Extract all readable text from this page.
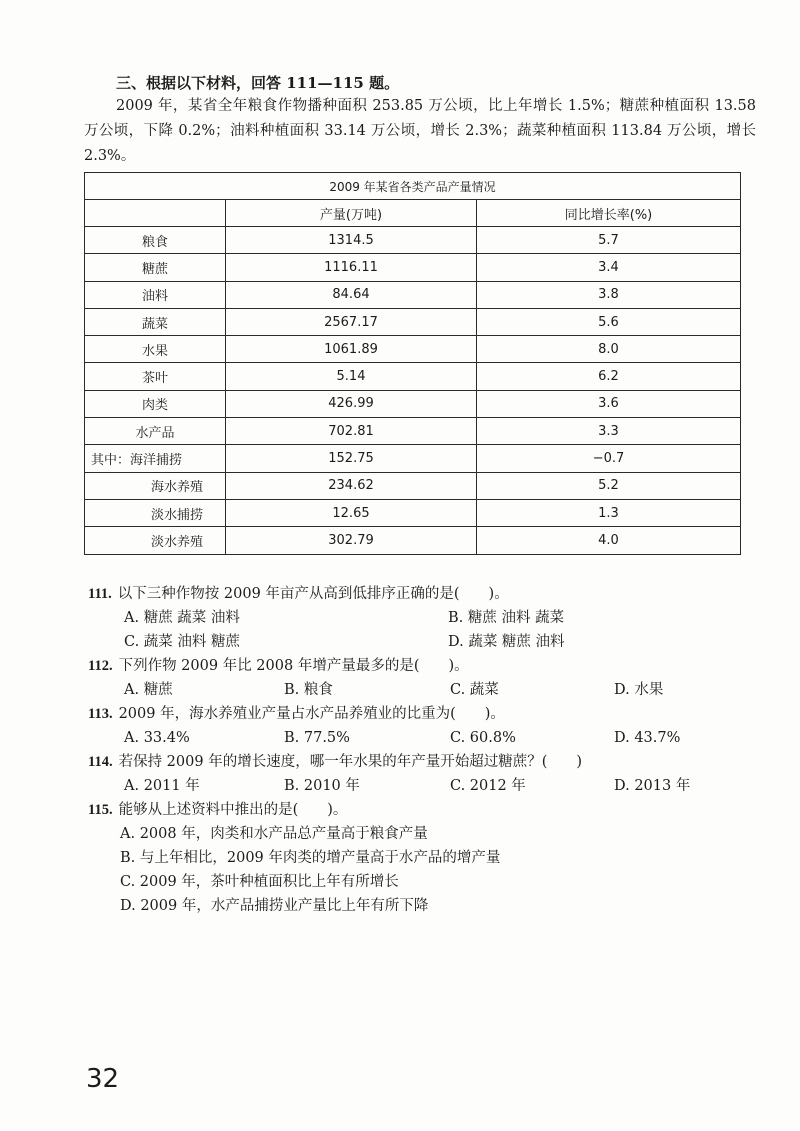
三、根据以下材料，回答 111—115 题。

2009 年，某省全年粮食作物播种面积 253.85 万公顷，比上年增长 1.5%；糖蔗种植面积 13.58 万公顷，下降 0.2%；油料种植面积 33.14 万公顷，增长 2.3%；蔬菜种植面积 113.84 万公顷，增长 2.3%。

2009 年某省各类产品产量情况		
	产量(万吨)	同比增长率(%)
粮食	1314.5	5.7
糖蔗	1116.11	3.4
油料	84.64	3.8
蔬菜	2567.17	5.6
水果	1061.89	8.0
茶叶	5.14	6.2
肉类	426.99	3.6
水产品	702.81	3.3
其中：海洋捕捞	152.75	−0.7
海水养殖	234.62	5.2
淡水捕捞	12.65	1.3
淡水养殖	302.79	4.0
111. 以下三种作物按 2009 年亩产从高到低排序正确的是(　　)。
A. 糖蔗 蔬菜 油料	B. 糖蔗 油料 蔬菜
C. 蔬菜 油料 糖蔗	D. 蔬菜 糖蔗 油料
112. 下列作物 2009 年比 2008 年增产量最多的是(　　)。
A. 糖蔗	B. 粮食	C. 蔬菜	D. 水果
113. 2009 年，海水养殖业产量占水产品养殖业的比重为(　　)。
A. 33.4%	B. 77.5%	C. 60.8%	D. 43.7%
114. 若保持 2009 年的增长速度，哪一年水果的年产量开始超过糖蔗？(　　)
A. 2011 年	B. 2010 年	C. 2012 年	D. 2013 年
115. 能够从上述资料中推出的是(　　)。
A. 2008 年，肉类和水产品总产量高于粮食产量
B. 与上年相比，2009 年肉类的增产量高于水产品的增产量
C. 2009 年，茶叶种植面积比上年有所增长
D. 2009 年，水产品捕捞业产量比上年有所下降
32
